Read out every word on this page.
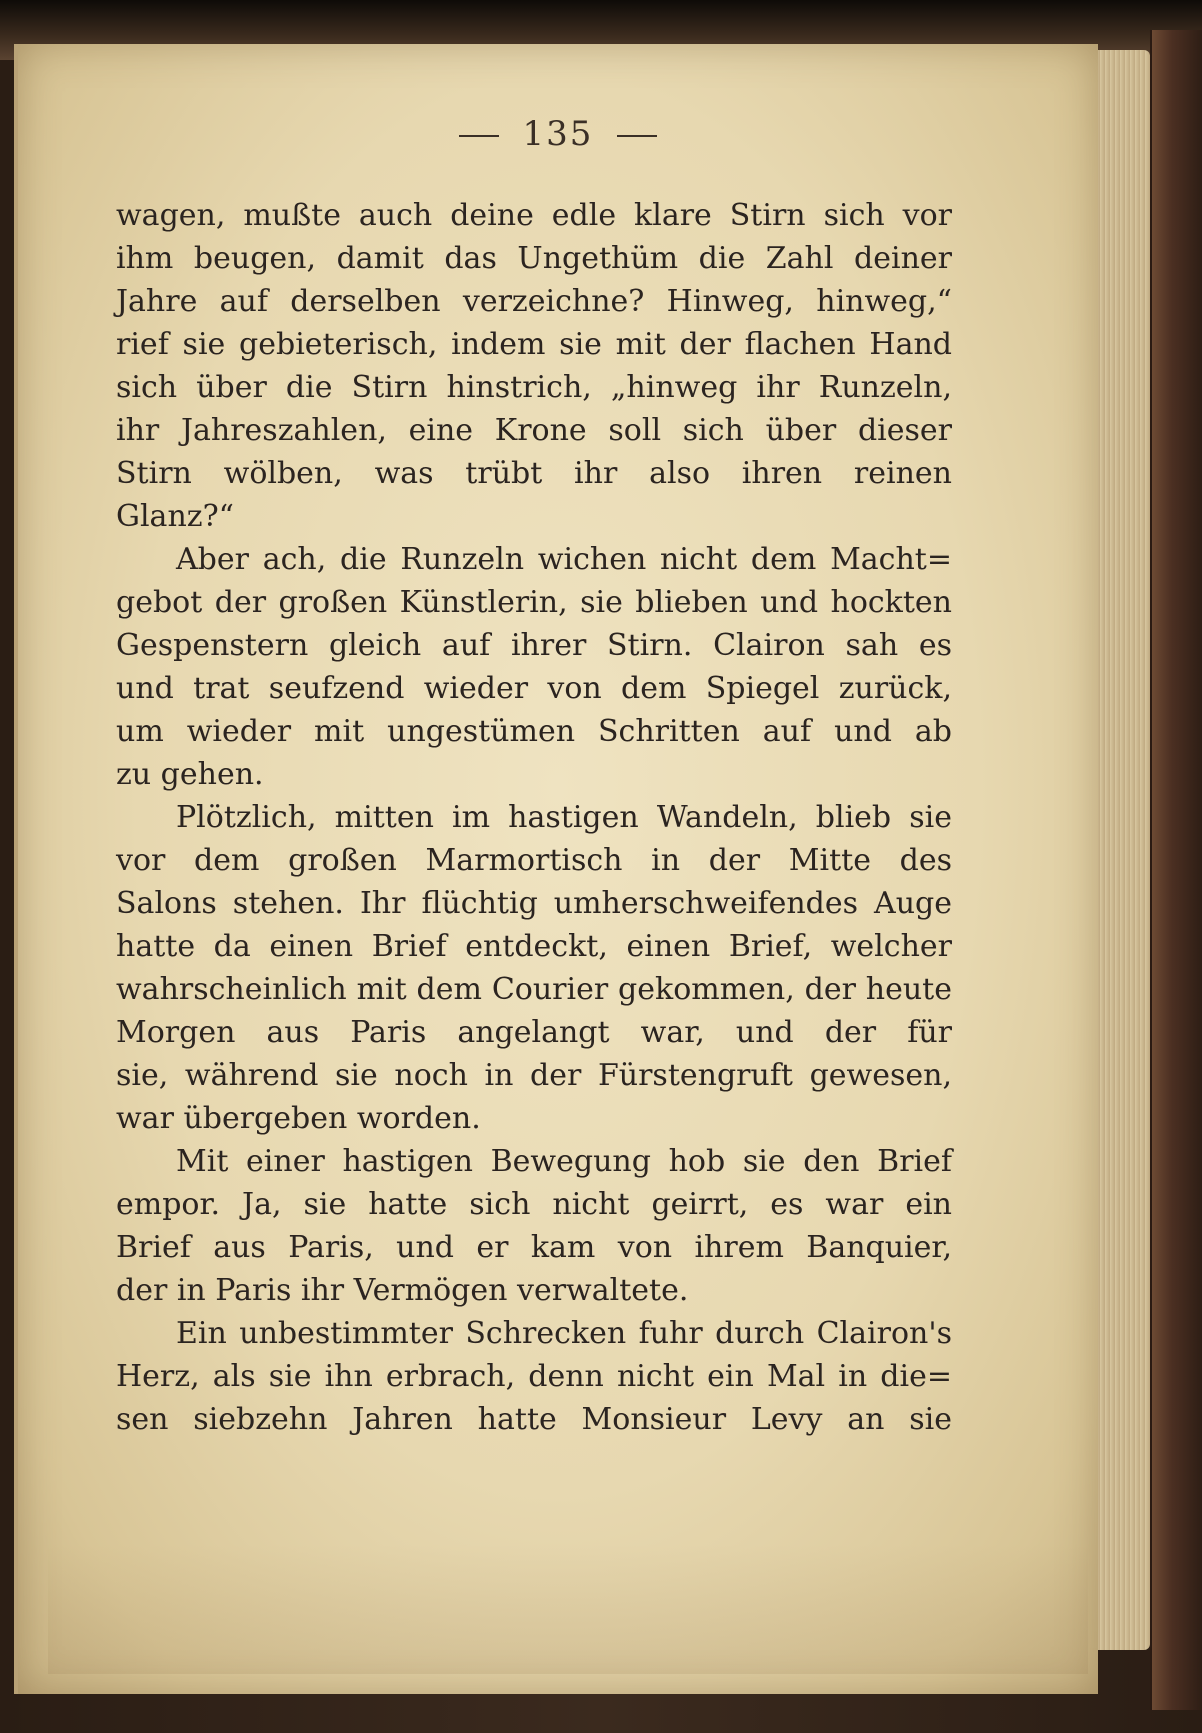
135
wagen, mußte auch deine edle klare Stirn sich vor
ihm beugen, damit das Ungethüm die Zahl deiner
Jahre auf derselben verzeichne? Hinweg, hinweg,“
rief sie gebieterisch, indem sie mit der flachen Hand
sich über die Stirn hinstrich, „hinweg ihr Runzeln,
ihr Jahreszahlen, eine Krone soll sich über dieser
Stirn wölben, was trübt ihr also ihren reinen
Glanz?“
Aber ach, die Runzeln wichen nicht dem Macht=
gebot der großen Künstlerin, sie blieben und hockten
Gespenstern gleich auf ihrer Stirn. Clairon sah es
und trat seufzend wieder von dem Spiegel zurück,
um wieder mit ungestümen Schritten auf und ab
zu gehen.
Plötzlich, mitten im hastigen Wandeln, blieb sie
vor dem großen Marmortisch in der Mitte des
Salons stehen. Ihr flüchtig umherschweifendes Auge
hatte da einen Brief entdeckt, einen Brief, welcher
wahrscheinlich mit dem Courier gekommen, der heute
Morgen aus Paris angelangt war, und der für
sie, während sie noch in der Fürstengruft gewesen,
war übergeben worden.
Mit einer hastigen Bewegung hob sie den Brief
empor. Ja, sie hatte sich nicht geirrt, es war ein
Brief aus Paris, und er kam von ihrem Banquier,
der in Paris ihr Vermögen verwaltete.
Ein unbestimmter Schrecken fuhr durch Clairon's
Herz, als sie ihn erbrach, denn nicht ein Mal in die=
sen siebzehn Jahren hatte Monsieur Levy an sie
